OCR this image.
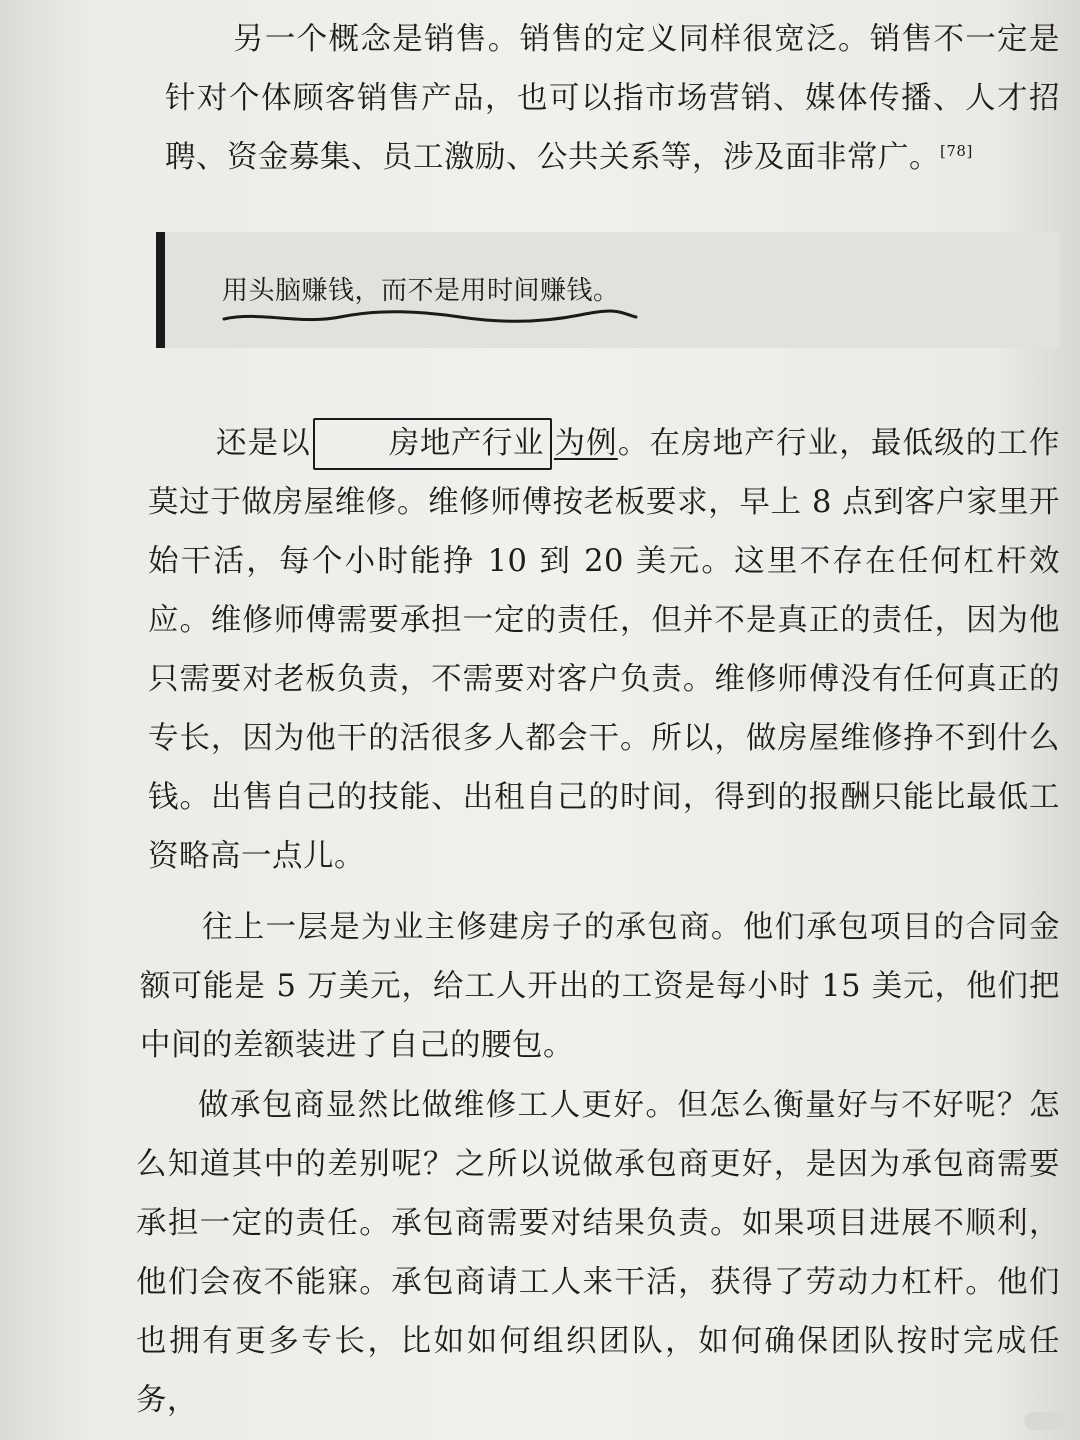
另一个概念是销售。销售的定义同样很宽泛。销售不一定是针对个体顾客销售产品，也可以指市场营销、媒体传播、人才招聘、资金募集、员工激励、公共关系等，涉及面非常广。[78]
用头脑赚钱，而不是用时间赚钱。
还是以	房地产行业 为例。在房地产行业，最低级的工作莫过于做房屋维修。维修师傅按老板要求，早上 8 点到客户家里开始干活，每个小时能挣 10 到 20 美元。这里不存在任何杠杆效应。维修师傅需要承担一定的责任，但并不是真正的责任，因为他只需要对老板负责，不需要对客户负责。维修师傅没有任何真正的专长，因为他干的活很多人都会干。所以，做房屋维修挣不到什么钱。出售自己的技能、出租自己的时间，得到的报酬只能比最低工资略高一点儿。
往上一层是为业主修建房子的承包商。他们承包项目的合同金额可能是 5 万美元，给工人开出的工资是每小时 15 美元，他们把中间的差额装进了自己的腰包。
做承包商显然比做维修工人更好。但怎么衡量好与不好呢？怎么知道其中的差别呢？之所以说做承包商更好，是因为承包商需要承担一定的责任。承包商需要对结果负责。如果项目进展不顺利，他们会夜不能寐。承包商请工人来干活，获得了劳动力杠杆。他们也拥有更多专长，比如如何组织团队，如何确保团队按时完成任务，
